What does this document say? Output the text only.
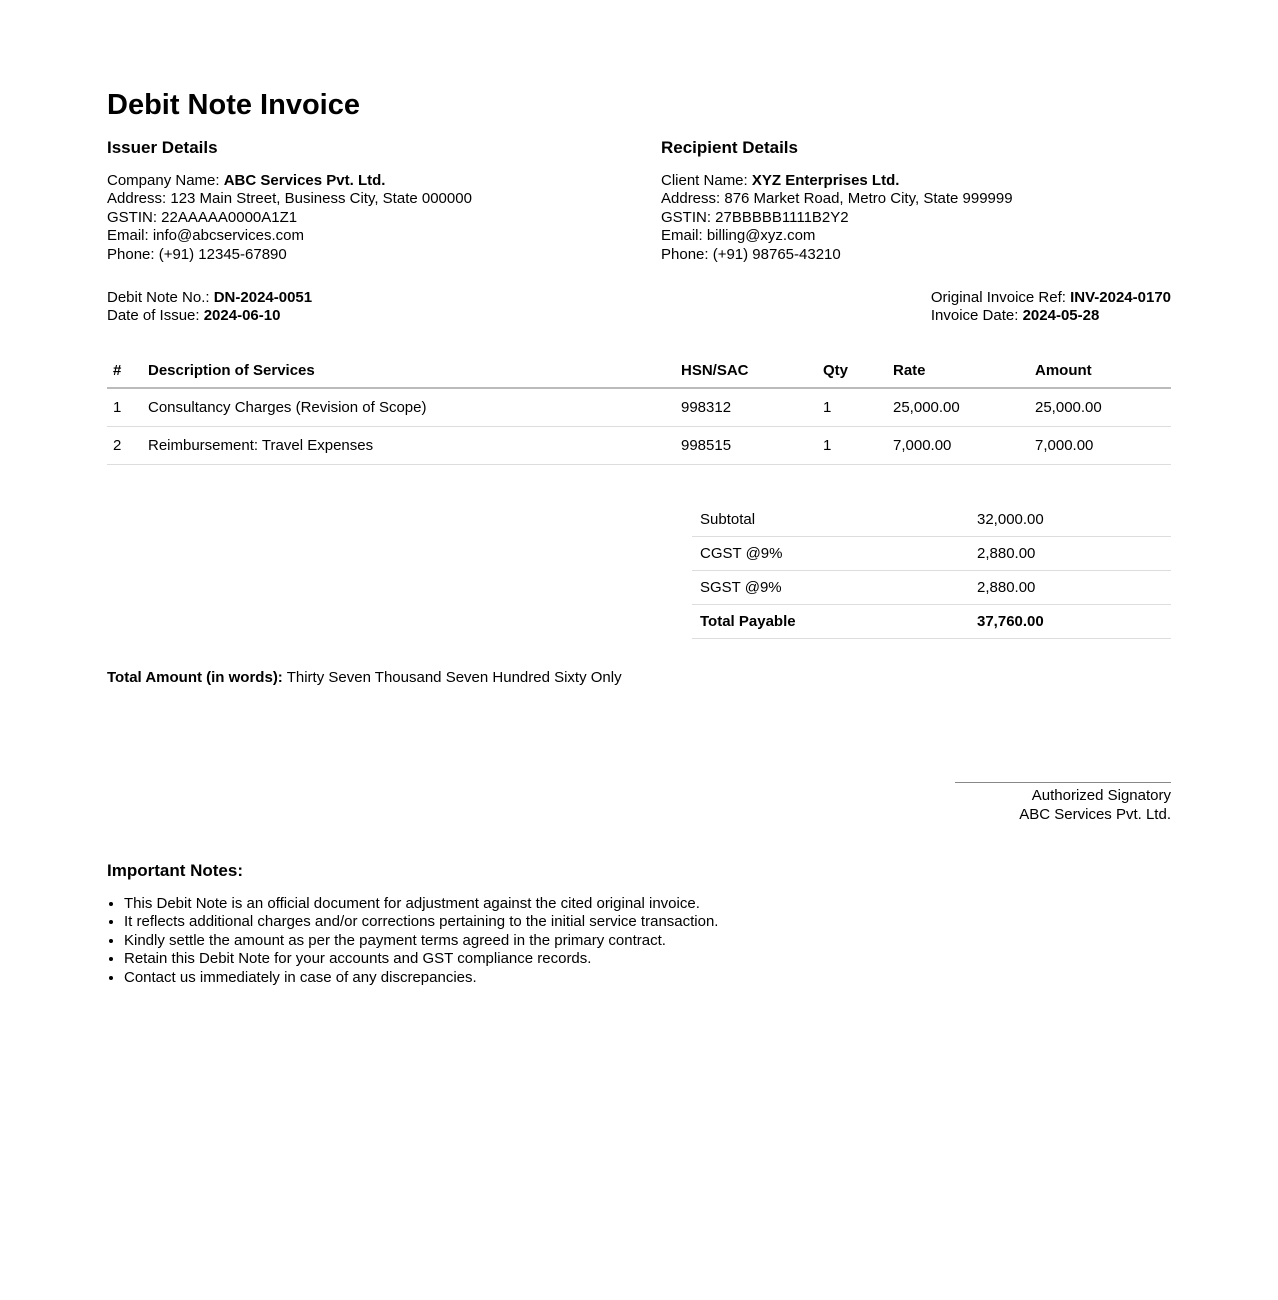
Debit Note Invoice
Issuer Details

Company Name: ABC Services Pvt. Ltd.

Address: 123 Main Street, Business City, State 000000

GSTIN: 22AAAAA0000A1Z1

Email: info@abcservices.com

Phone: (+91) 12345-67890

Recipient Details

Client Name: XYZ Enterprises Ltd.

Address: 876 Market Road, Metro City, State 999999

GSTIN: 27BBBBB1111B2Y2

Email: billing@xyz.com

Phone: (+91) 98765-43210

Debit Note No.: DN-2024-0051

Date of Issue: 2024-06-10

Original Invoice Ref: INV-2024-0170

Invoice Date: 2024-05-28

#	Description of Services	HSN/SAC	Qty	Rate	Amount
1	Consultancy Charges (Revision of Scope)	998312	1	25,000.00	25,000.00
2	Reimbursement: Travel Expenses	998515	1	7,000.00	7,000.00
Subtotal	32,000.00
CGST @9%	2,880.00
SGST @9%	2,880.00
Total Payable	37,760.00

Total Amount (in words): Thirty Seven Thousand Seven Hundred Sixty Only

Authorized Signatory

ABC Services Pvt. Ltd.

Important Notes:
• This Debit Note is an official document for adjustment against the cited original invoice.
• It reflects additional charges and/or corrections pertaining to the initial service transaction.
• Kindly settle the amount as per the payment terms agreed in the primary contract.
• Retain this Debit Note for your accounts and GST compliance records.
• Contact us immediately in case of any discrepancies.
